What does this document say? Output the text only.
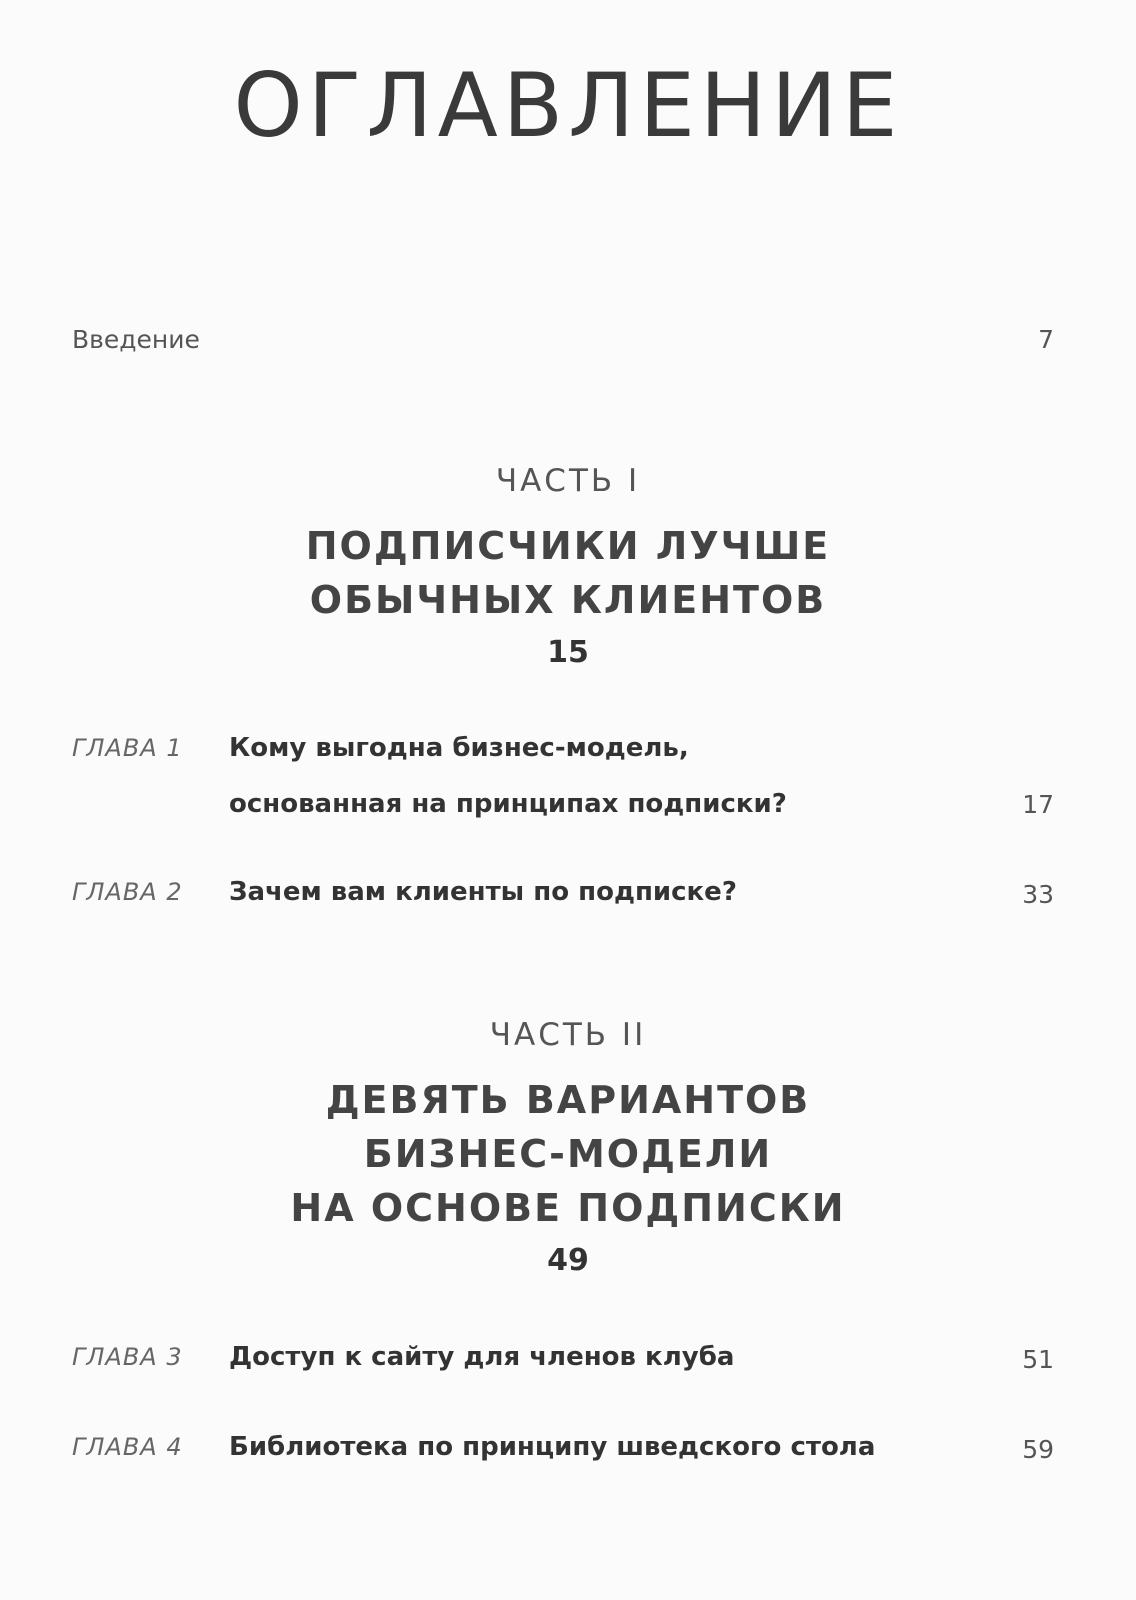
ОГЛАВЛЕНИЕ
Введение	7
ЧАСТЬ I
ПОДПИСЧИКИ ЛУЧШЕ
ОБЫЧНЫХ КЛИЕНТОВ
15
ГЛАВА 1 Кому выгодна бизнес-модель,
основанная на принципах подписки?	17
ГЛАВА 2 Зачем вам клиенты по подписке?	33
ЧАСТЬ II
ДЕВЯТЬ ВАРИАНТОВ
БИЗНЕС-МОДЕЛИ
НА ОСНОВЕ ПОДПИСКИ
49
ГЛАВА 3 Доступ к сайту для членов клуба	51
ГЛАВА 4 Библиотека по принципу шведского стола	59
